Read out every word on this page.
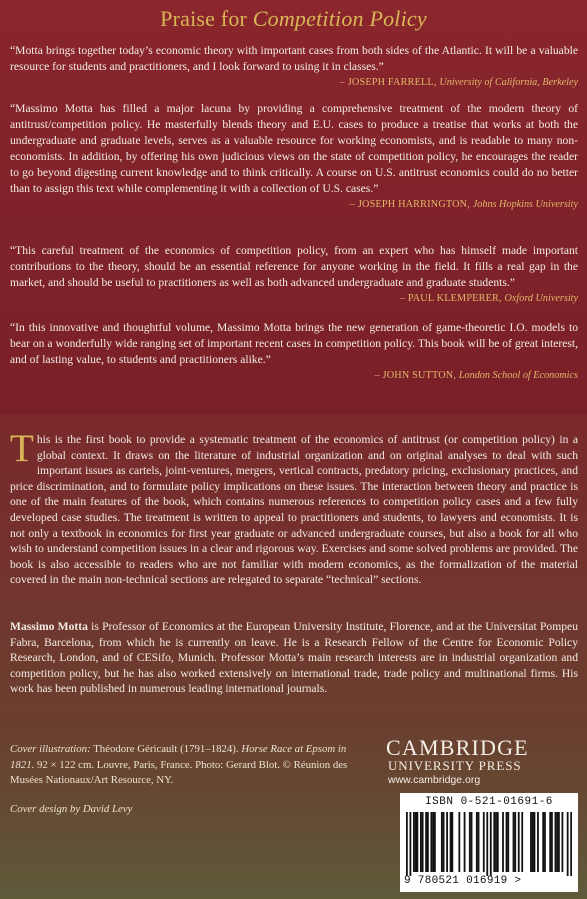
Praise for Competition Policy

“Motta brings together today’s economic theory with important cases from both sides of the Atlantic. It will be a valuable resource for students and practitioners, and I look forward to using it in classes.”

– JOSEPH FARRELL, University of California, Berkeley

“Massimo Motta has filled a major lacuna by providing a comprehensive treatment of the modern theory of antitrust/competition policy. He masterfully blends theory and E.U. cases to produce a treatise that works at both the undergraduate and graduate levels, serves as a valuable resource for working economists, and is readable to many non-economists. In addition, by offering his own judicious views on the state of competition policy, he encourages the reader to go beyond digesting current knowledge and to think critically. A course on U.S. antitrust economics could do no better than to assign this text while complementing it with a collection of U.S. cases.”

– JOSEPH HARRINGTON, Johns Hopkins University

“This careful treatment of the economics of competition policy, from an expert who has himself made important contributions to the theory, should be an essential reference for anyone working in the field. It fills a real gap in the market, and should be useful to practitioners as well as both advanced undergraduate and graduate students.”

– PAUL KLEMPERER, Oxford University

“In this innovative and thoughtful volume, Massimo Motta brings the new generation of game-theoretic I.O. models to bear on a wonderfully wide ranging set of important recent cases in competition policy. This book will be of great interest, and of lasting value, to students and practitioners alike.”

– JOHN SUTTON, London School of Economics
This is the first book to provide a systematic treatment of the economics of antitrust (or competition policy) in a global context. It draws on the literature of industrial organization and on original analyses to deal with such important issues as cartels, joint-ventures, mergers, vertical contracts, predatory pricing, exclusionary practices, and price discrimination, and to formulate policy implications on these issues. The interaction between theory and practice is one of the main features of the book, which contains numerous references to competition policy cases and a few fully developed case studies. The treatment is written to appeal to practitioners and students, to lawyers and economists. It is not only a textbook in economics for first year graduate or advanced undergraduate courses, but also a book for all who wish to understand competition issues in a clear and rigorous way. Exercises and some solved problems are provided. The book is also accessible to readers who are not familiar with modern economics, as the formalization of the material covered in the main non-technical sections are relegated to separate “technical” sections.
Massimo Motta is Professor of Economics at the European University Institute, Florence, and at the Universitat Pompeu Fabra, Barcelona, from which he is currently on leave. He is a Research Fellow of the Centre for Economic Policy Research, London, and of CESifo, Munich. Professor Motta’s main research interests are in industrial organization and competition policy, but he has also worked extensively on international trade, trade policy and multinational firms. His work has been published in numerous leading international journals.
Cover illustration: Théodore Géricault (1791–1824). Horse Race at Epsom in 1821. 92 × 122 cm. Louvre, Paris, France. Photo: Gerard Blot. © Réunion des Musées Nationaux/Art Resource, NY.
Cover design by David Levy
CAMBRIDGE
UNIVERSITY PRESS
www.cambridge.org
ISBN 0-521-01691-6
9 780521 016919 >
